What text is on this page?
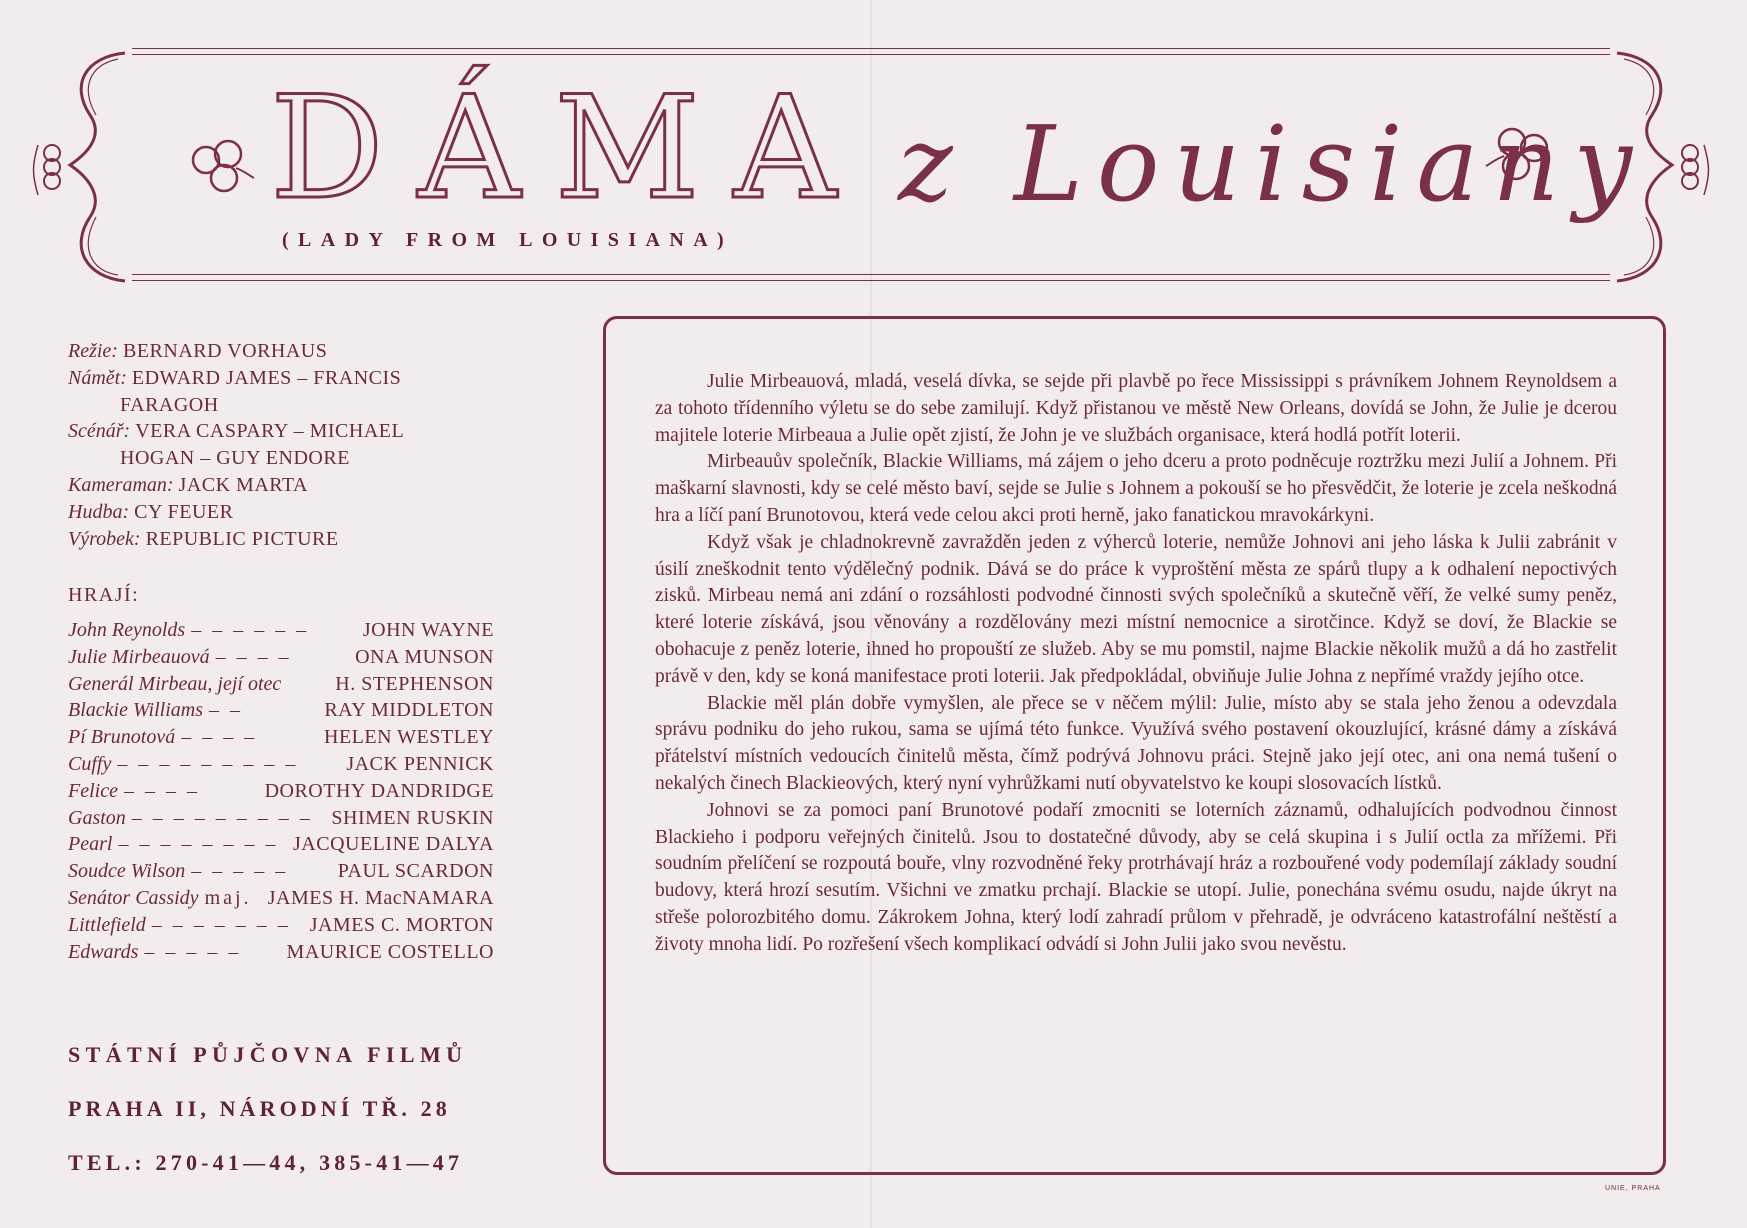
DÁMA z Louisiany
(LADY FROM LOUISIANA)
Režie: BERNARD VORHAUS
Námět: EDWARD JAMES – FRANCIS
FARAGOH
Scénář: VERA CASPARY – MICHAEL
HOGAN – GUY ENDORE
Kameraman: JACK MARTA
Hudba: CY FEUER
Výrobek: REPUBLIC PICTURE
HRAJÍ:
John Reynolds – – – – – –	JOHN WAYNE
Julie Mirbeauová – – – –	ONA MUNSON
Generál Mirbeau, její otec	H. STEPHENSON
Blackie Williams – –	RAY MIDDLETON
Pí Brunotová – – – –	HELEN WESTLEY
Cuffy – – – – – – – – – JACK PENNICK
Felice – – – –	DOROTHY DANDRIDGE
Gaston – – – – – – – – – SHIMEN RUSKIN
Pearl – – – – – – – – JACQUELINE DALYA
Soudce Wilson – – – – – PAUL SCARDON
Senátor Cassidy maj. JAMES H. MacNAMARA
Littlefield – – – – – – – JAMES C. MORTON
Edwards – – – – – MAURICE COSTELLO
STÁTNÍ PŮJČOVNA FILMŮ
PRAHA II, NÁRODNÍ TŘ. 28
TEL.: 270-41—44, 385-41—47

Julie Mirbeauová, mladá, veselá dívka, se sejde při plavbě po řece Mississippi s právníkem Johnem Reynoldsem a za tohoto třídenního výletu se do sebe zamilují. Když přistanou ve městě New Orleans, dovídá se John, že Julie je dcerou majitele loterie Mirbeaua a Julie opět zjistí, že John je ve službách organisace, která hodlá potřít loterii.

Mirbeauův společník, Blackie Williams, má zájem o jeho dceru a proto podněcuje roztržku mezi Julií a Johnem. Při maškarní slavnosti, kdy se celé město baví, sejde se Julie s Johnem a pokouší se ho přesvědčit, že loterie je zcela neškodná hra a líčí paní Brunotovou, která vede celou akci proti herně, jako fanatickou mravokárkyni.

Když však je chladnokrevně zavražděn jeden z výherců loterie, nemůže Johnovi ani jeho láska k Julii zabránit v úsilí zneškodnit tento výdělečný podnik. Dává se do práce k vyproštění města ze spárů tlupy a k odhalení nepoctivých zisků. Mirbeau nemá ani zdání o rozsáhlosti podvodné činnosti svých společníků a skutečně věří, že velké sumy peněz, které loterie získává, jsou věnovány a rozdělovány mezi místní nemocnice a sirotčince. Když se doví, že Blackie se obohacuje z peněz loterie, ihned ho propouští ze služeb. Aby se mu pomstil, najme Blackie několik mužů a dá ho zastřelit právě v den, kdy se koná manifestace proti loterii. Jak předpokládal, obviňuje Julie Johna z nepřímé vraždy jejího otce.

Blackie měl plán dobře vymyšlen, ale přece se v něčem mýlil: Julie, místo aby se stala jeho ženou a odevzdala správu podniku do jeho rukou, sama se ujímá této funkce. Využívá svého postavení okouzlující, krásné dámy a získává přátelství místních vedoucích činitelů města, čímž podrývá Johnovu práci. Stejně jako její otec, ani ona nemá tušení o nekalých činech Blackieových, který nyní vyhrůžkami nutí obyvatelstvo ke koupi slosovacích lístků.

Johnovi se za pomoci paní Brunotové podaří zmocniti se loterních záznamů, odhalujících podvodnou činnost Blackieho i podporu veřejných činitelů. Jsou to dostatečné důvody, aby se celá skupina i s Julií octla za mřížemi. Při soudním přelíčení se rozpoutá bouře, vlny rozvodněné řeky protrhávají hráz a rozbouřené vody podemílají základy soudní budovy, která hrozí sesutím. Všichni ve zmatku prchají. Blackie se utopí. Julie, ponechána svému osudu, najde úkryt na střeše polorozbitého domu. Zákrokem Johna, který lodí zahradí průlom v přehradě, je odvráceno katastrofální neštěstí a životy mnoha lidí. Po rozřešení všech komplikací odvádí si John Julii jako svou nevěstu.

UNIE, PRAHA
